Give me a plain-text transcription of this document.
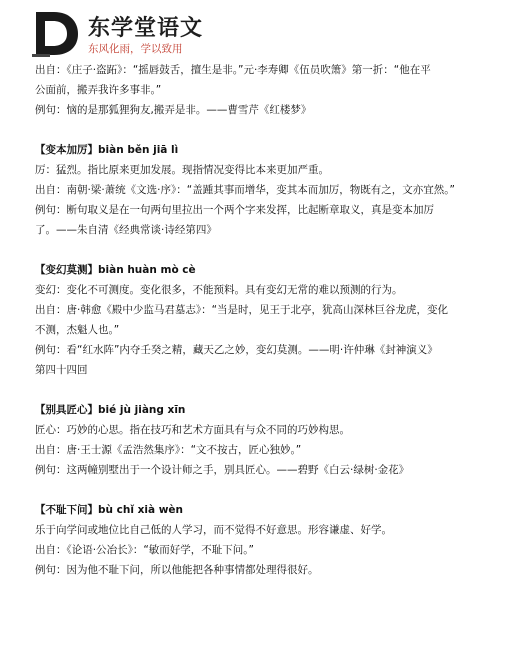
东学堂语文
东风化雨，学以致用
出自：《庄子·盗跖》：“摇唇鼓舌，擅生是非。”元·李寿卿《伍员吹箫》第一折：“他在平
公面前，搬弄我许多事非。”
例句：恼的是那狐狸狗友,搬弄是非。——曹雪芹《红楼梦》
【变本加厉】biàn běn jiā lì
厉：猛烈。指比原来更加发展。现指情况变得比本来更加严重。
出自：南朝·梁·萧统《文选·序》：“盖踵其事而增华，变其本而加厉，物既有之，文亦宜然。”
例句：断句取义是在一句两句里拉出一个两个字来发挥，比起断章取义，真是变本加厉
了。——朱自清《经典常谈·诗经第四》
【变幻莫测】biàn huàn mò cè
变幻：变化不可测度。变化很多，不能预料。具有变幻无常的难以预测的行为。
出自：唐·韩愈《殿中少监马君墓志》：“当是时，见王于北亭，犹高山深林巨谷龙虎，变化
不测，杰魁人也。”
例句：看“红水阵”内夺壬癸之精，藏天乙之妙，变幻莫测。——明·许仲琳《封神演义》
第四十四回
【别具匠心】bié jù jiàng xīn
匠心：巧妙的心思。指在技巧和艺术方面具有与众不同的巧妙构思。
出自：唐·王士源《孟浩然集序》：“文不按古，匠心独妙。”
例句：这两幢别墅出于一个设计师之手，别具匠心。——碧野《白云·绿树·金花》
【不耻下问】bù chǐ xià wèn
乐于向学问或地位比自己低的人学习，而不觉得不好意思。形容谦虚、好学。
出自：《论语·公冶长》：“敏而好学，不耻下问。”
例句：因为他不耻下问，所以他能把各种事情都处理得很好。
